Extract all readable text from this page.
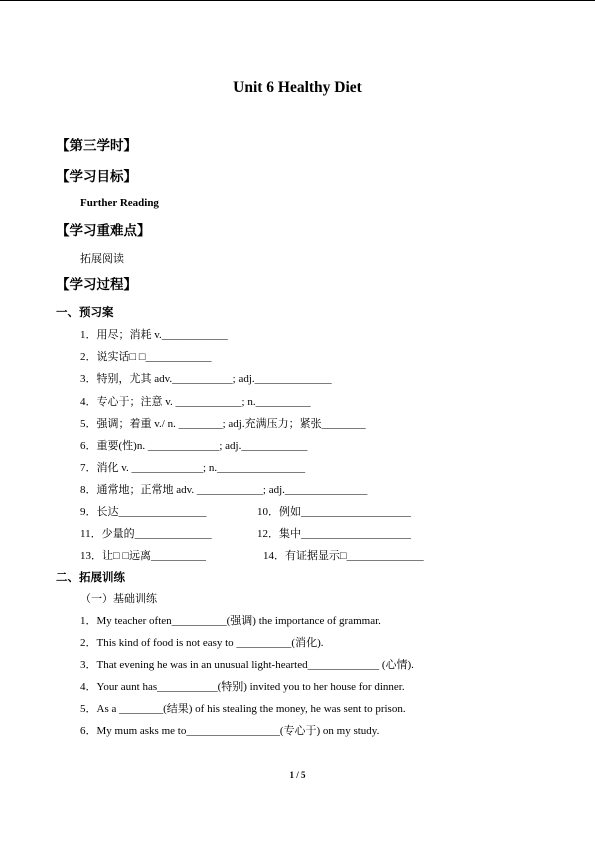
Unit 6 Healthy Diet
【第三学时】
【学习目标】
Further Reading
【学习重难点】
拓展阅读
【学习过程】
一、预习案
1．用尽；消耗 v.____________
2．说实话□ □____________
3．特别，尤其 adv.___________; adj.______________
4．专心于；注意 v. ____________; n.__________
5．强调；着重 v./ n. ________; adj.充满压力；紧张________
6．重要(性)n. _____________; adj.____________
7．消化 v. _____________; n.________________
8．通常地；正常地 adv. ____________; adj._______________
9．长达________________	10．例如____________________
11．少量的______________	12．集中____________________
13．让□ □远离__________	14．有证据显示□______________
二、拓展训练
（一）基础训练
1．My teacher often__________(强调) the importance of grammar.
2．This kind of food is not easy to __________(消化).
3．That evening he was in an unusual light-hearted_____________ (心情).
4．Your aunt has___________(特别) invited you to her house for dinner.
5．As a ________(结果) of his stealing the money, he was sent to prison.
6．My mum asks me to_________________(专心于) on my study.
1 / 5
